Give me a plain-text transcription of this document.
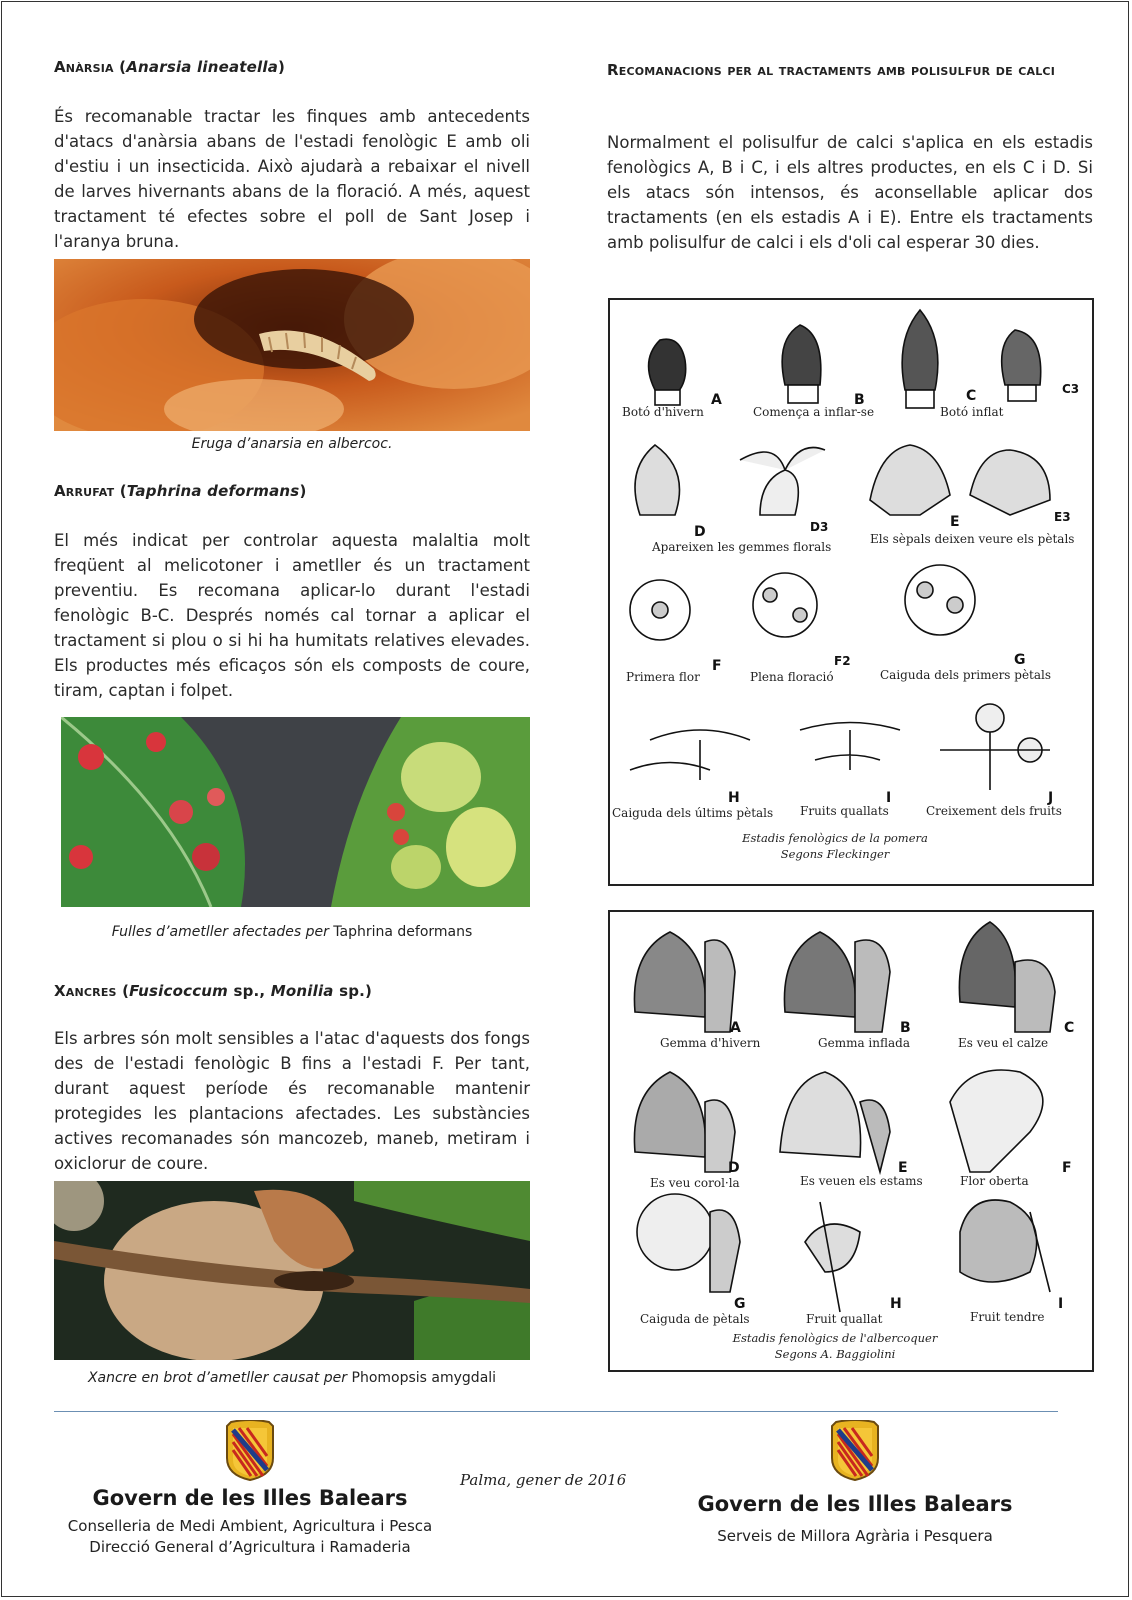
Anàrsia (Anarsia lineatella)
És recomanable tractar les finques amb antecedents d'atacs d'anàrsia abans de l'estadi fenològic E amb oli d'estiu i un insecticida. Això ajudarà a rebaixar el nivell de larves hivernants abans de la floració. A més, aquest tractament té efectes sobre el poll de Sant Josep i l'aranya bruna.
Eruga d’anarsia en albercoc.
Arrufat (Taphrina deformans)
El més indicat per controlar aquesta malaltia molt freqüent al melicotoner i ametller és un tractament preventiu. Es recomana aplicar-lo durant l'estadi fenològic B-C. Després només cal tornar a aplicar el tractament si plou o si hi ha humitats relatives elevades. Els productes més eficaços són els composts de coure, tiram, captan i folpet.
Fulles d’ametller afectades per Taphrina deformans
Xancres (Fusicoccum sp., Monilia sp.)
Els arbres són molt sensibles a l'atac d'aquests dos fongs des de l'estadi fenològic B fins a l'estadi F. Per tant, durant aquest període és recomanable mantenir protegides les plantacions afectades. Les substàncies actives recomanades són mancozeb, maneb, metiram i oxiclorur de coure.
Xancre en brot d’ametller causat per Phomopsis amygdali
Recomanacions per al tractaments amb polisulfur de calci
Normalment el polisulfur de calci s'aplica en els estadis fenològics A, B i C, i els altres productes, en els C i D. Si els atacs són intensos, és aconsellable aplicar dos tractaments (en els estadis A i E). Entre els tractaments amb polisulfur de calci i els d'oli cal esperar 30 dies.
Botó d'hivern
A
Comença a inflar-se
B
Botó inflat
C	C3
D	D3
Apareixen les gemmes florals
E	E3
Els sèpals deixen veure els pètals
Primera flor
F
Plena floració
F2	G
Caiguda dels primers pètals
H
Caiguda dels últims pètals
I
Fruits quallats
J
Creixement dels fruits
Estadis fenològics de la pomera
Segons Fleckinger
A
Gemma d'hivern
B
Gemma inflada
C
Es veu el calze
D
Es veu corol·la
E
Es veuen els estams
F
Flor oberta
G
Caiguda de pètals
H
Fruit quallat
I
Fruit tendre
Estadis fenològics de l'albercoquer
Segons A. Baggiolini
Govern de les Illes Balears
Conselleria de Medi Ambient, Agricultura i Pesca
Direcció General d’Agricultura i Ramaderia
Palma, gener de 2016
Govern de les Illes Balears
Serveis de Millora Agrària i Pesquera
